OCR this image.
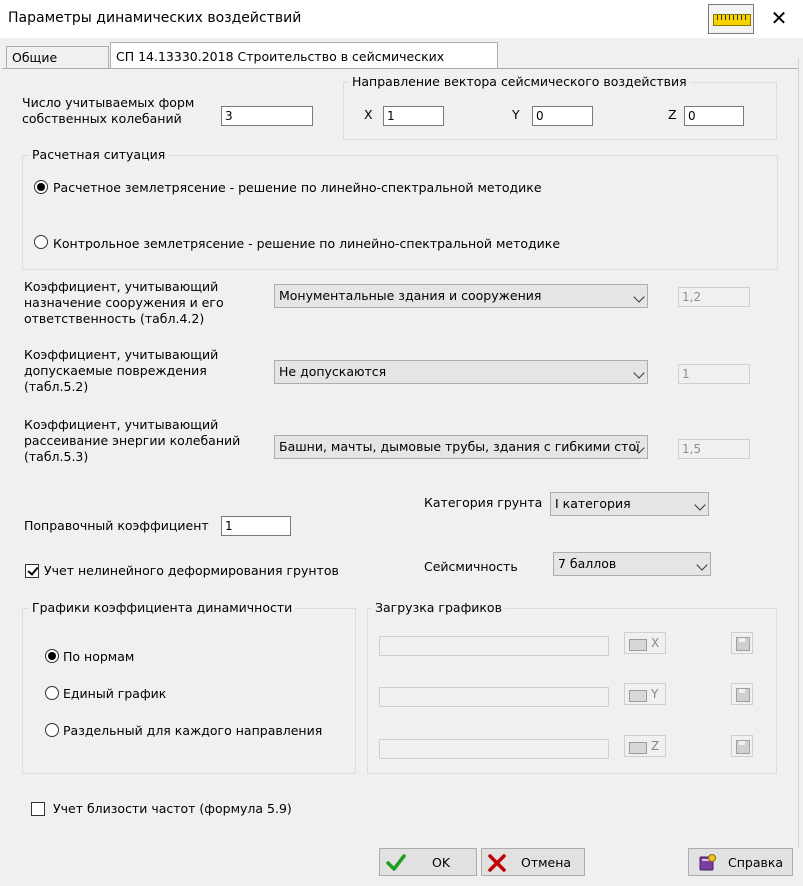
Параметры динамических воздействий	✕
Общие	СП 14.13330.2018 Строительство в сейсмических
Число учитываемых форм собственных колебаний	3
Направление вектора сейсмического воздействия
X	1	Y	0	Z 0
Расчетная ситуация
Расчетное землетрясение - решение по линейно-спектральной методике
Контрольное землетрясение - решение по линейно-спектральной методике
Коэффициент, учитывающий назначение сооружения и его ответственность (табл.4.2)
Монументальные здания и сооружения	1,2
Коэффициент, учитывающий допускаемые повреждения (табл.5.2)
Не допускаются	1
Коэффициент, учитывающий рассеивание энергии колебаний (табл.5.3)
Башни, мачты, дымовые трубы, здания с гибкими стої	1,5
Категория грунта	I категория
Поправочный коэффициент	1
Учет нелинейного деформирования грунтов	Сейсмичность	7 баллов
Графики коэффициента динамичности
По нормам
Единый график
Раздельный для каждого направления
Загрузка графиков
X
Y
Z
Учет близости частот (формула 5.9)
OK	Отмена	Справка
